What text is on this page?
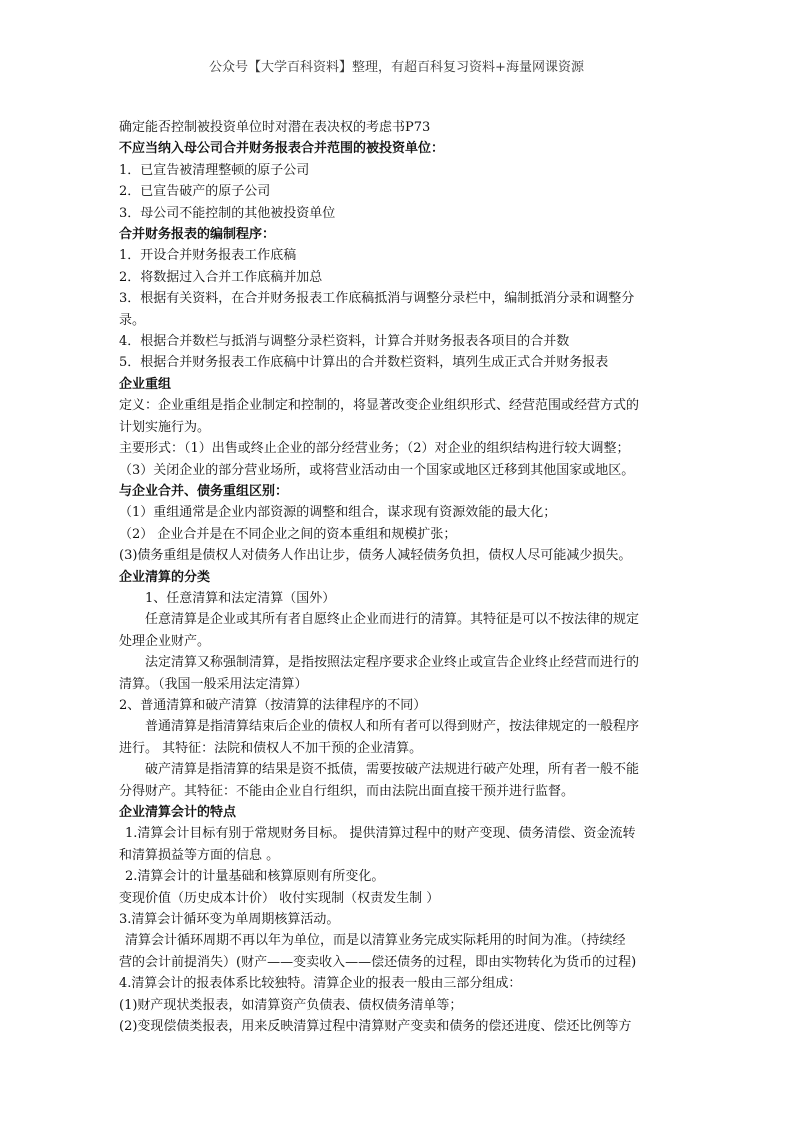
公众号【大学百科资料】整理，有超百科复习资料+海量网课资源
确定能否控制被投资单位时对潜在表决权的考虑书P73
不应当纳入母公司合并财务报表合并范围的被投资单位：
1．已宣告被清理整顿的原子公司
2．已宣告破产的原子公司
3．母公司不能控制的其他被投资单位
合并财务报表的编制程序：
1．开设合并财务报表工作底稿
2．将数据过入合并工作底稿并加总
3．根据有关资料，在合并财务报表工作底稿抵消与调整分录栏中，编制抵消分录和调整分
录。
4．根据合并数栏与抵消与调整分录栏资料，计算合并财务报表各项目的合并数
5．根据合并财务报表工作底稿中计算出的合并数栏资料，填列生成正式合并财务报表
企业重组
定义：企业重组是指企业制定和控制的，将显著改变企业组织形式、经营范围或经营方式的
计划实施行为。
主要形式：（1）出售或终止企业的部分经营业务；（2）对企业的组织结构进行较大调整；
（3）关闭企业的部分营业场所，或将营业活动由一个国家或地区迁移到其他国家或地区。
与企业合并、债务重组区别：
（1）重组通常是企业内部资源的调整和组合，谋求现有资源效能的最大化；
（2） 企业合并是在不同企业之间的资本重组和规模扩张；
(3)债务重组是债权人对债务人作出让步，债务人减轻债务负担，债权人尽可能减少损失。
企业清算的分类
1、任意清算和法定清算（国外）
任意清算是企业或其所有者自愿终止企业而进行的清算。其特征是可以不按法律的规定
处理企业财产。
法定清算又称强制清算，是指按照法定程序要求企业终止或宣告企业终止经营而进行的
清算。（我国一般采用法定清算）
2、普通清算和破产清算（按清算的法律程序的不同）
普通清算是指清算结束后企业的债权人和所有者可以得到财产，按法律规定的一般程序
进行。 其特征：法院和债权人不加干预的企业清算。
破产清算是指清算的结果是资不抵债，需要按破产法规进行破产处理，所有者一般不能
分得财产。其特征：不能由企业自行组织，而由法院出面直接干预并进行监督。
企业清算会计的特点
1.清算会计目标有别于常规财务目标。 提供清算过程中的财产变现、债务清偿、资金流转
和清算损益等方面的信息 。
2.清算会计的计量基础和核算原则有所变化。
变现价值（历史成本计价） 收付实现制（权责发生制 ）
3.清算会计循环变为单周期核算活动。
清算会计循环周期不再以年为单位，而是以清算业务完成实际耗用的时间为准。（持续经
营的会计前提消失）(财产——变卖收入——偿还债务的过程，即由实物转化为货币的过程)
4.清算会计的报表体系比较独特。清算企业的报表一般由三部分组成：
(1)财产现状类报表，如清算资产负债表、债权债务清单等；
(2)变现偿债类报表，用来反映清算过程中清算财产变卖和债务的偿还进度、偿还比例等方
